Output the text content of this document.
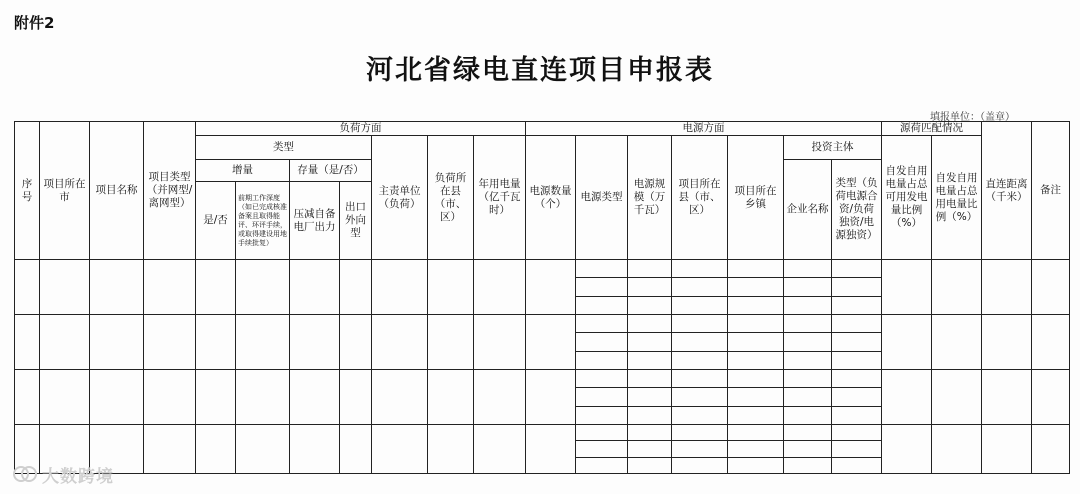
附件2
河北省绿电直连项目申报表
填报单位：（盖章）
序号	项目所在市	项目名称	项目类型（并网型/离网型）	负荷方面							电源方面							源荷匹配情况		直连距离（千米）	备注
				类型				主责单位（负荷）	负荷所在县（市、区）	年用电量（亿千瓦时）	电源数量（个）	电源类型	电源规模（万千瓦）	项目所在县（市、区）	项目所在乡镇	投资主体		自发自用电量占总可用发电量比例（%）	自发自用电量占总用电量比例（%）		
				增量		存量（是/否）										企业名称	类型（负荷电源合资/负荷独资/电源独资）				
				是/否	前期工作深度（如已完成核准备案且取得能评、环评手续，或取得建设用地手续批复）	压减自备电厂出力	出口外向型														

大数跨境
